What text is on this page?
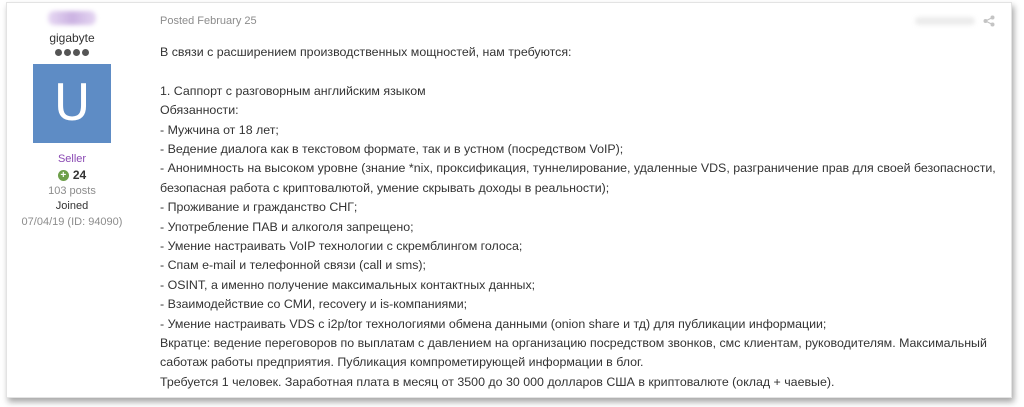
gigabyte
U
Seller
+ 24
103 posts
Joined
07/04/19 (ID: 94090)
Posted February 25

В связи с расширением производственных мощностей, нам требуются:

1. Саппорт с разговорным английским языком

Обязанности:

- Мужчина от 18 лет;

- Ведение диалога как в текстовом формате, так и в устном (посредством VoIP);

- Анонимность на высоком уровне (знание *nix, проксификация, туннелирование, удаленные VDS, разграничение прав для своей безопасности,

безопасная работа с криптовалютой, умение скрывать доходы в реальности);

- Проживание и гражданство СНГ;

- Употребление ПАВ и алкоголя запрещено;

- Умение настраивать VoIP технологии с скремблингом голоса;

- Спам e-mail и телефонной связи (call и sms);

- OSINT, а именно получение максимальных контактных данных;

- Взаимодействие со СМИ, recovery и is-компаниями;

- Умение настраивать VDS с i2p/tor технологиями обмена данными (onion share и тд) для публикации информации;

Вкратце: ведение переговоров по выплатам с давлением на организацию посредством звонков, смс клиентам, руководителям. Максимальный

саботаж работы предприятия. Публикация компрометирующей информации в блог.

Требуется 1 человек. Заработная плата в месяц от 3500 до 30 000 долларов США в криптовалюте (оклад + чаевые).
